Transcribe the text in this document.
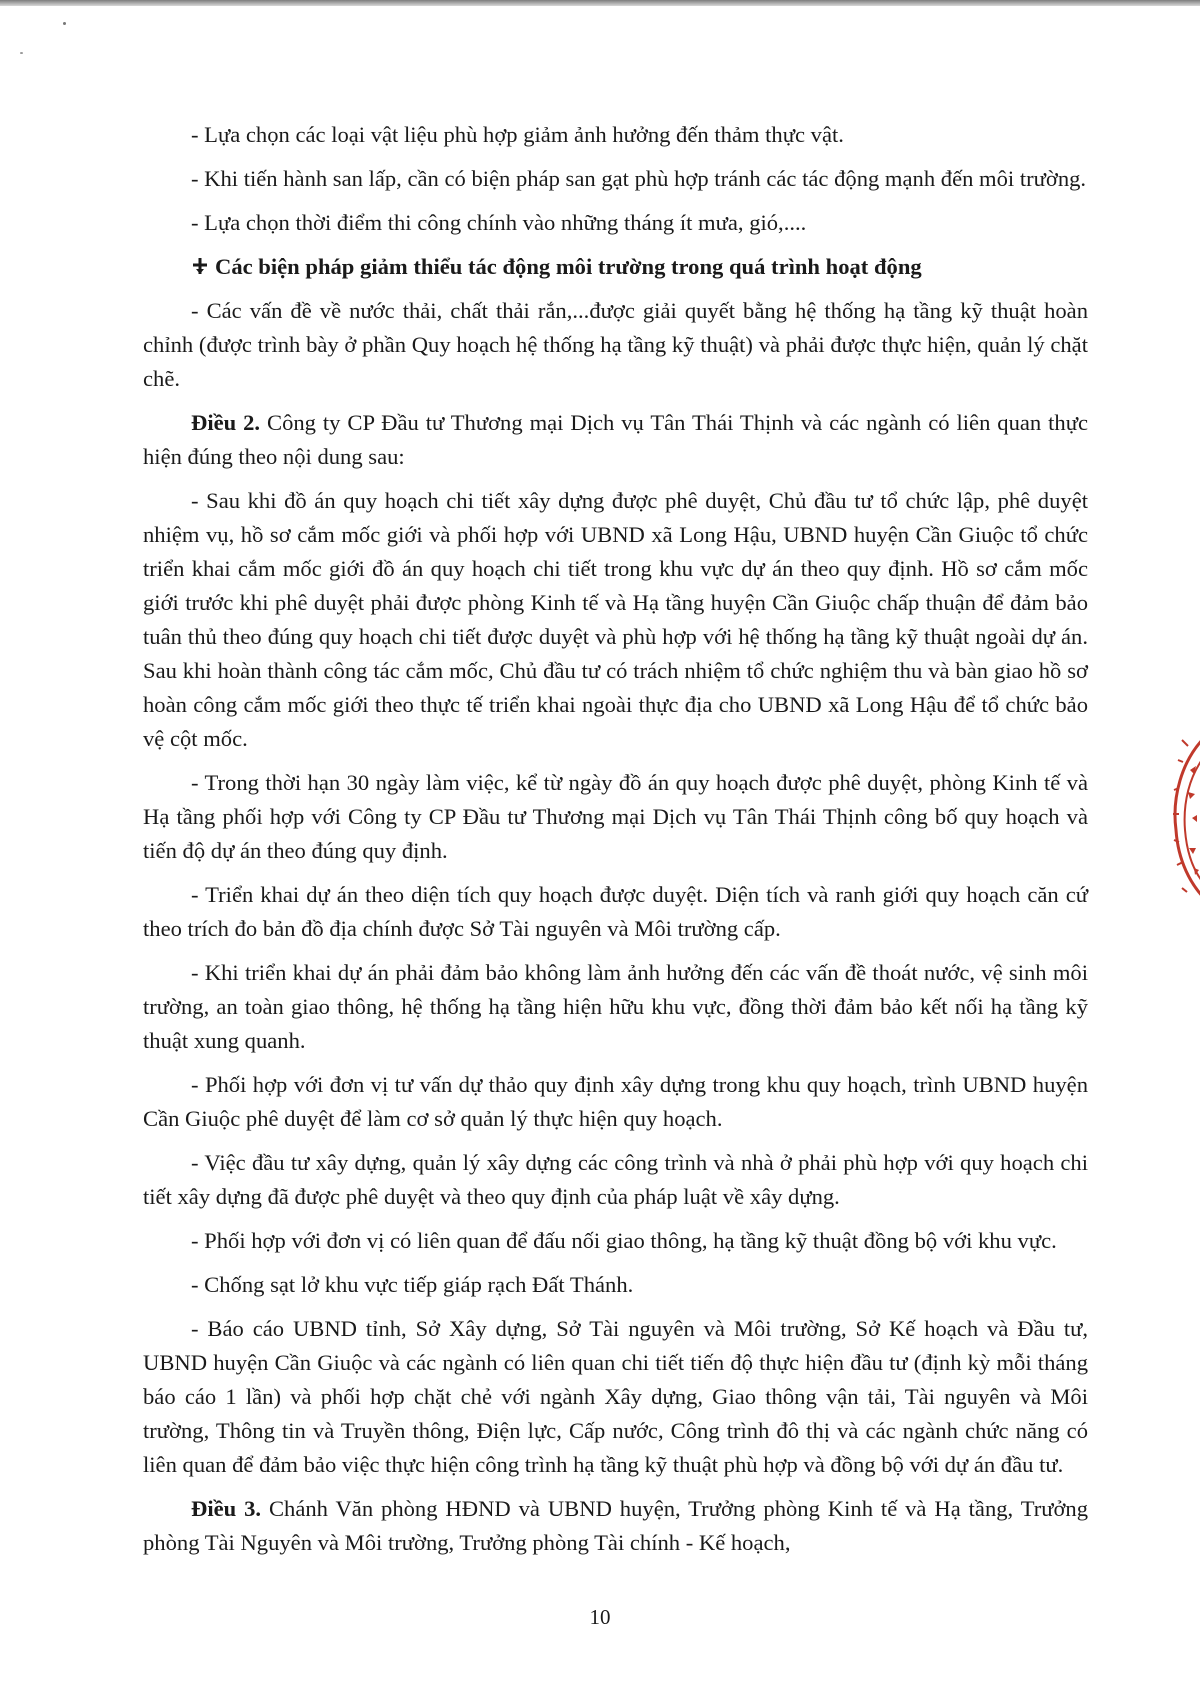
- Lựa chọn các loại vật liệu phù hợp giảm ảnh hưởng đến thảm thực vật.

- Khi tiến hành san lấp, cần có biện pháp san gạt phù hợp tránh các tác động mạnh đến môi trường.

- Lựa chọn thời điểm thi công chính vào những tháng ít mưa, gió,....

Các biện pháp giảm thiểu tác động môi trường trong quá trình hoạt động

- Các vấn đề về nước thải, chất thải rắn,...được giải quyết bằng hệ thống hạ tầng kỹ thuật hoàn chỉnh (được trình bày ở phần Quy hoạch hệ thống hạ tầng kỹ thuật) và phải được thực hiện, quản lý chặt chẽ.

Điều 2. Công ty CP Đầu tư Thương mại Dịch vụ Tân Thái Thịnh và các ngành có liên quan thực hiện đúng theo nội dung sau:

- Sau khi đồ án quy hoạch chi tiết xây dựng được phê duyệt, Chủ đầu tư tổ chức lập, phê duyệt nhiệm vụ, hồ sơ cắm mốc giới và phối hợp với UBND xã Long Hậu, UBND huyện Cần Giuộc tổ chức triển khai cắm mốc giới đồ án quy hoạch chi tiết trong khu vực dự án theo quy định. Hồ sơ cắm mốc giới trước khi phê duyệt phải được phòng Kinh tế và Hạ tầng huyện Cần Giuộc chấp thuận để đảm bảo tuân thủ theo đúng quy hoạch chi tiết được duyệt và phù hợp với hệ thống hạ tầng kỹ thuật ngoài dự án. Sau khi hoàn thành công tác cắm mốc, Chủ đầu tư có trách nhiệm tổ chức nghiệm thu và bàn giao hồ sơ hoàn công cắm mốc giới theo thực tế triển khai ngoài thực địa cho UBND xã Long Hậu để tổ chức bảo vệ cột mốc.

- Trong thời hạn 30 ngày làm việc, kể từ ngày đồ án quy hoạch được phê duyệt, phòng Kinh tế và Hạ tầng phối hợp với Công ty CP Đầu tư Thương mại Dịch vụ Tân Thái Thịnh công bố quy hoạch và tiến độ dự án theo đúng quy định.

- Triển khai dự án theo diện tích quy hoạch được duyệt. Diện tích và ranh giới quy hoạch căn cứ theo trích đo bản đồ địa chính được Sở Tài nguyên và Môi trường cấp.

- Khi triển khai dự án phải đảm bảo không làm ảnh hưởng đến các vấn đề thoát nước, vệ sinh môi trường, an toàn giao thông, hệ thống hạ tầng hiện hữu khu vực, đồng thời đảm bảo kết nối hạ tầng kỹ thuật xung quanh.

- Phối hợp với đơn vị tư vấn dự thảo quy định xây dựng trong khu quy hoạch, trình UBND huyện Cần Giuộc phê duyệt để làm cơ sở quản lý thực hiện quy hoạch.

- Việc đầu tư xây dựng, quản lý xây dựng các công trình và nhà ở phải phù hợp với quy hoạch chi tiết xây dựng đã được phê duyệt và theo quy định của pháp luật về xây dựng.

- Phối hợp với đơn vị có liên quan để đấu nối giao thông, hạ tầng kỹ thuật đồng bộ với khu vực.

- Chống sạt lở khu vực tiếp giáp rạch Đất Thánh.

- Báo cáo UBND tỉnh, Sở Xây dựng, Sở Tài nguyên và Môi trường, Sở Kế hoạch và Đầu tư, UBND huyện Cần Giuộc và các ngành có liên quan chi tiết tiến độ thực hiện đầu tư (định kỳ mỗi tháng báo cáo 1 lần) và phối hợp chặt chẻ với ngành Xây dựng, Giao thông vận tải, Tài nguyên và Môi trường, Thông tin và Truyền thông, Điện lực, Cấp nước, Công trình đô thị và các ngành chức năng có liên quan để đảm bảo việc thực hiện công trình hạ tầng kỹ thuật phù hợp và đồng bộ với dự án đầu tư.

Điều 3. Chánh Văn phòng HĐND và UBND huyện, Trưởng phòng Kinh tế và Hạ tầng, Trưởng phòng Tài Nguyên và Môi trường, Trưởng phòng Tài chính - Kế hoạch,

10
